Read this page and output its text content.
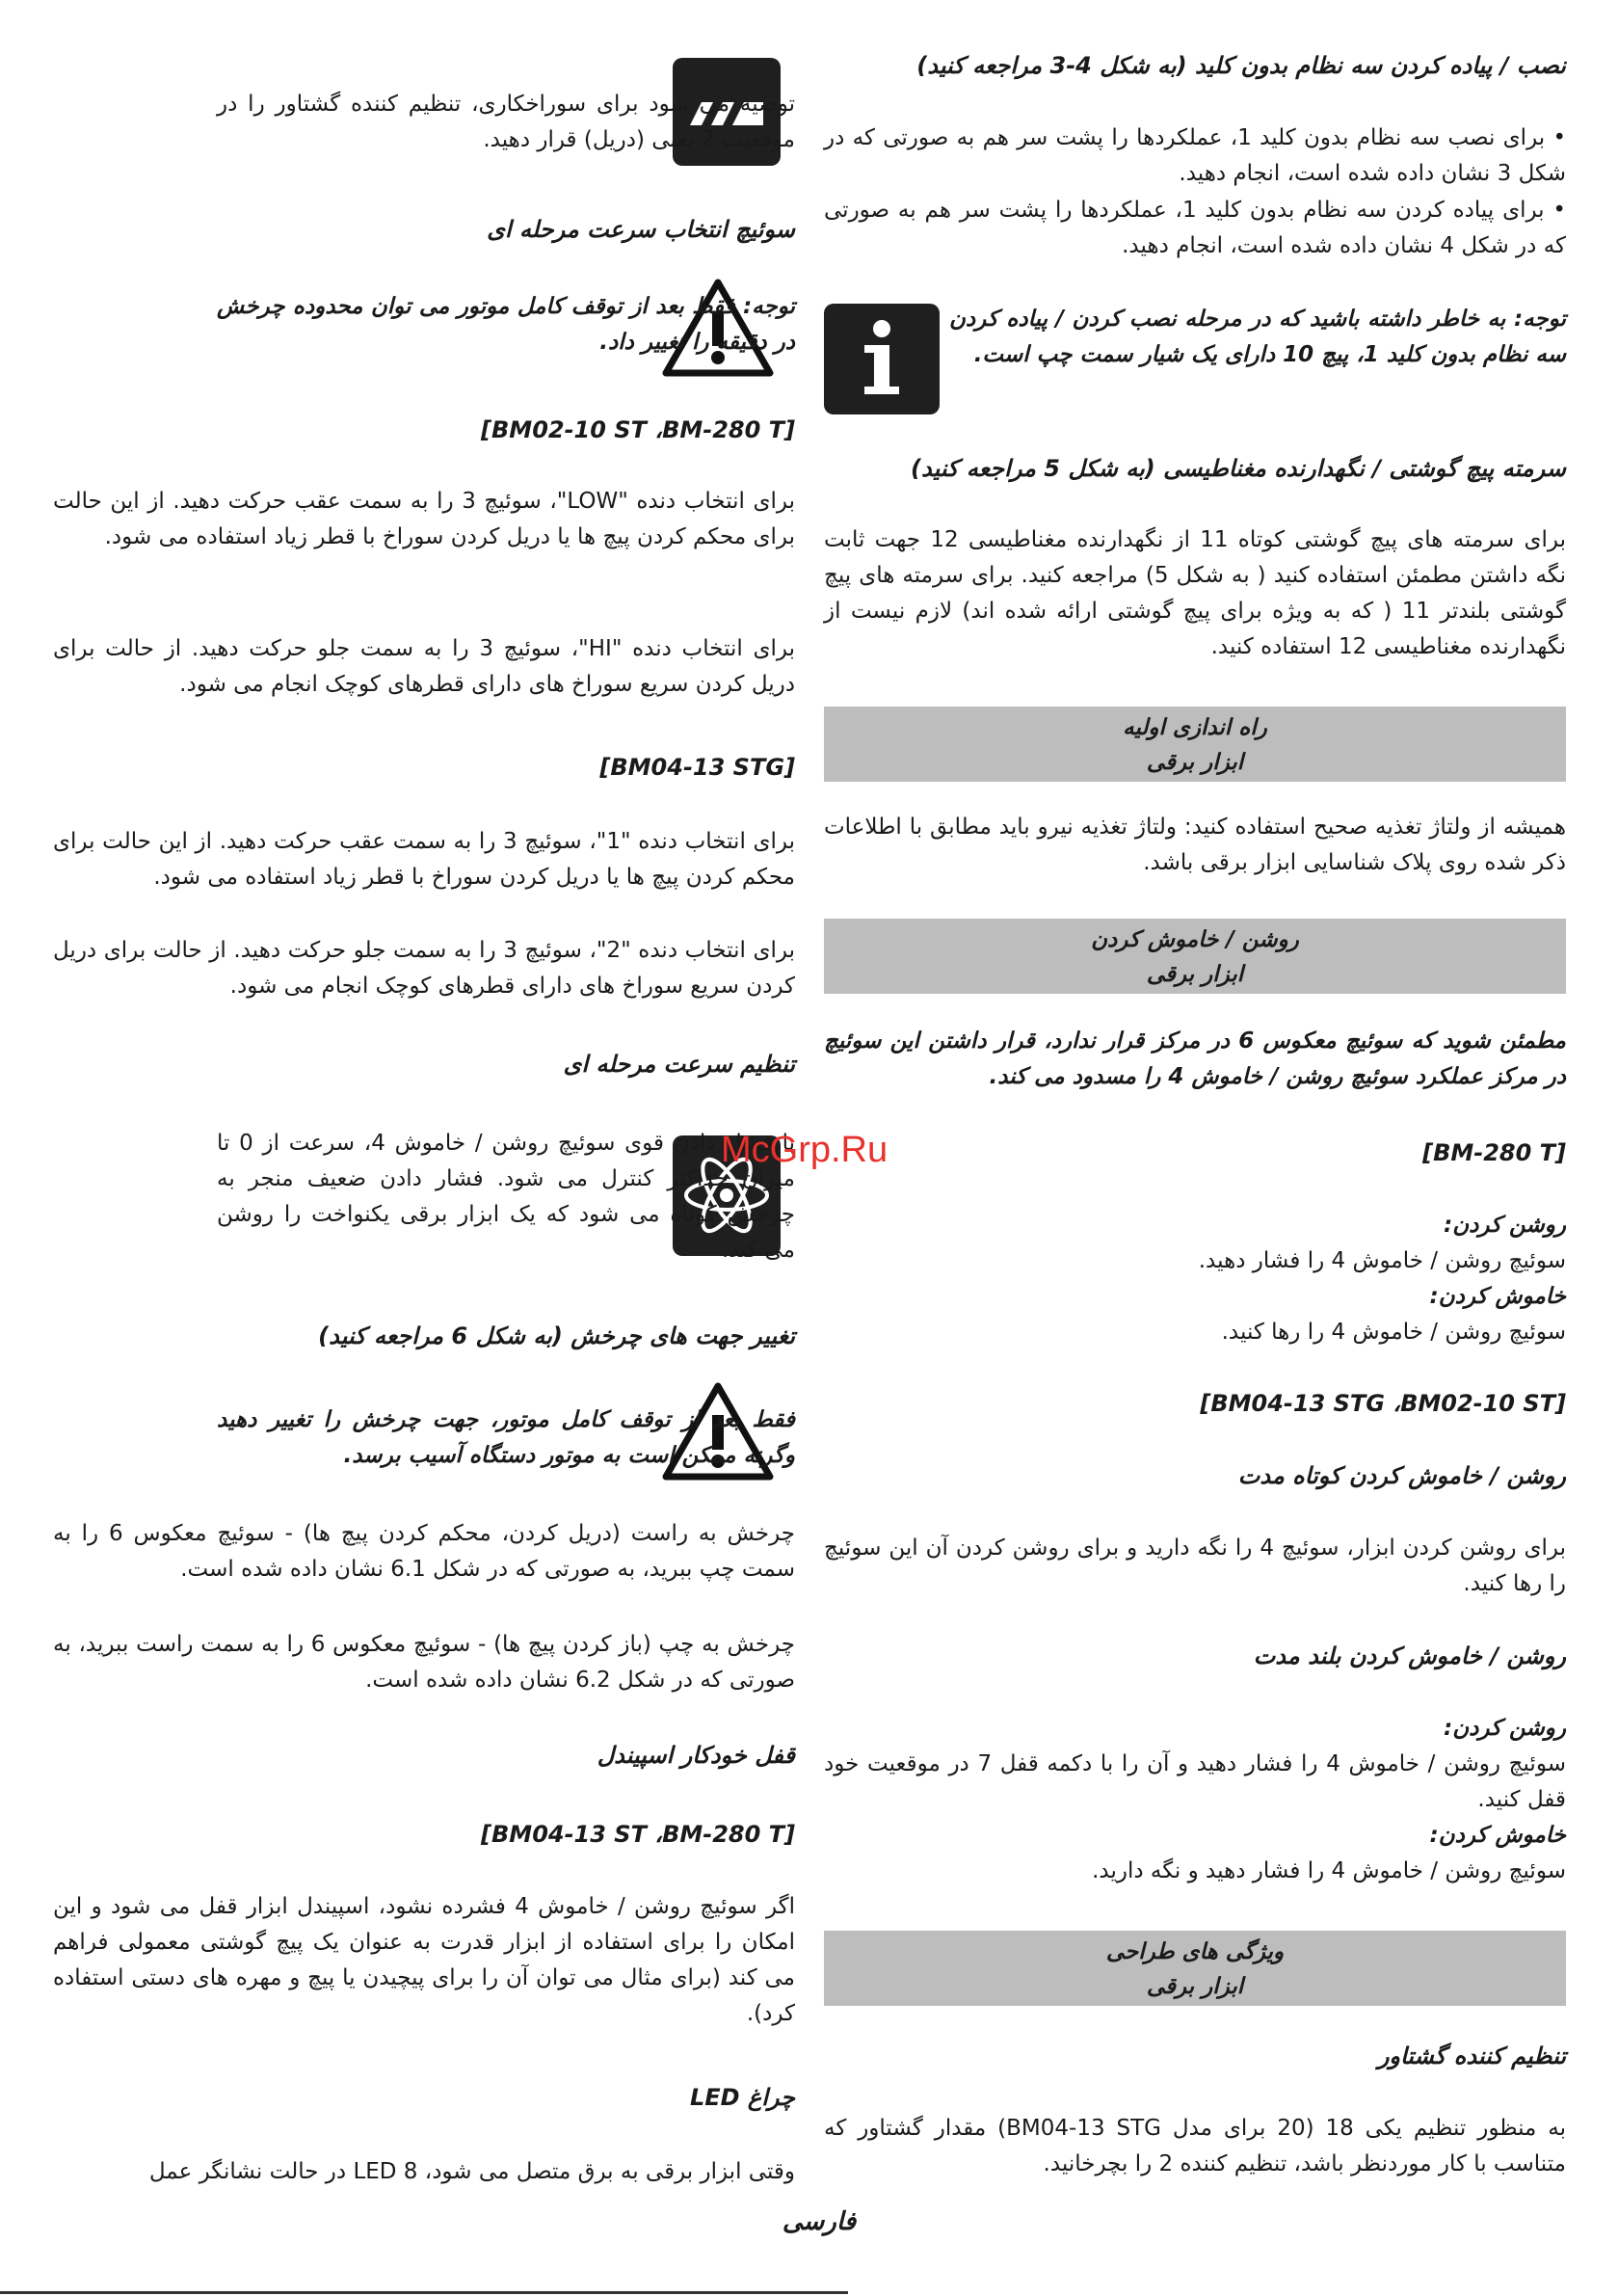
نصب / پیاده کردن سه نظام بدون کلید (به شکل 4-3 مراجعه کنید)
• برای نصب سه نظام بدون کلید 1، عملکردها را پشت سر هم به صورتی که در شکل 3 نشان داده شده است، انجام دهید.
• برای پیاده کردن سه نظام بدون کلید 1، عملکردها را پشت سر هم به صورتی که در شکل 4 نشان داده شده است، انجام دهید.
توجه: به خاطر داشته باشید که در مرحله نصب کردن / پیاده کردن سه نظام بدون کلید 1، پیچ 10 دارای یک شیار سمت چپ است.
سرمته پیچ گوشتی / نگهدارنده مغناطیسی (به شکل 5 مراجعه کنید)
برای سرمته های پیچ گوشتی کوتاه 11 از نگهدارنده مغناطیسی 12 جهت ثابت نگه داشتن مطمئن استفاده کنید ( به شکل 5) مراجعه کنید. برای سرمته های پیچ گوشتی بلندتر 11 ( که به ویژه برای پیچ گوشتی ارائه شده اند) لازم نیست از نگهدارنده مغناطیسی 12 استفاده کنید.
راه اندازی اولیه
ابزار برقی
همیشه از ولتاژ تغذیه صحیح استفاده کنید: ولتاژ تغذیه نیرو باید مطابق با اطلاعات ذکر شده روی پلاک شناسایی ابزار برقی باشد.
روشن / خاموش کردن
ابزار برقی
مطمئن شوید که سوئیچ معکوس 6 در مرکز قرار ندارد، قرار داشتن این سوئیچ در مرکز عملکرد سوئیچ روشن / خاموش 4 را مسدود می کند.
[BM-280 T]
روشن کردن:
سوئیچ روشن / خاموش 4 را فشار دهید.
خاموش کردن:
سوئیچ روشن / خاموش 4 را رها کنید.
[BM04-13 STG ،BM02-10 ST]
روشن / خاموش کردن کوتاه مدت
برای روشن کردن ابزار، سوئیچ 4 را نگه دارید و برای روشن کردن آن این سوئیچ را رها کنید.
روشن / خاموش کردن بلند مدت
روشن کردن:
سوئیچ روشن / خاموش 4 را فشار دهید و آن را با دکمه قفل 7 در موقعیت خود قفل کنید.
خاموش کردن:
سوئیچ روشن / خاموش 4 را فشار دهید و نگه دارید.
ویژگی های طراحی
ابزار برقی
تنظیم کننده گشتاور
به منظور تنظیم یکی 18 (20 برای مدل BM04-13 STG) مقدار گشتاور که متناسب با کار موردنظر باشد، تنظیم کننده 2 را بچرخانید.
توصیه می شود برای سوراخکاری، تنظیم کننده گشتاور را در موقعیت 2 یعنی (دریل) قرار دهید.
سوئیچ انتخاب سرعت مرحله ای
توجه: فقط بعد از توقف کامل موتور می توان محدوده چرخش در دقیقه را تغییر داد.
[BM02-10 ST ،BM-280 T]
برای انتخاب دنده "LOW"، سوئیچ 3 را به سمت عقب حرکت دهید. از این حالت برای محکم کردن پیچ ها یا دریل کردن سوراخ با قطر زیاد استفاده می شود.
برای انتخاب دنده "HI"، سوئیچ 3 را به سمت جلو حرکت دهید. از حالت برای دریل کردن سریع سوراخ های دارای قطرهای کوچک انجام می شود.
[BM04-13 STG]
برای انتخاب دنده "1"، سوئیچ 3 را به سمت عقب حرکت دهید. از این حالت برای محکم کردن پیچ ها یا دریل کردن سوراخ با قطر زیاد استفاده می شود.
برای انتخاب دنده "2"، سوئیچ 3 را به سمت جلو حرکت دهید. از حالت برای دریل کردن سریع سوراخ های دارای قطرهای کوچک انجام می شود.
تنظیم سرعت مرحله ای
با فشار دادن قوی سوئیچ روشن / خاموش 4، سرعت از 0 تا میزان حداکثر کنترل می شود. فشار دادن ضعیف منجر به چرخش کوتاه می شود که یک ابزار برقی یکنواخت را روشن می کند.
تغییر جهت های چرخش (به شکل 6 مراجعه کنید)
فقط بعد از توقف کامل موتور، جهت چرخش را تغییر دهید وگرنه ممکن است به موتور دستگاه آسیب برسد.
چرخش به راست (دریل کردن، محکم کردن پیچ ها) - سوئیچ معکوس 6 را به سمت چپ ببرید، به صورتی که در شکل 6.1 نشان داده شده است.
چرخش به چپ (باز کردن پیچ ها) - سوئیچ معکوس 6 را به سمت راست ببرید، به صورتی که در شکل 6.2 نشان داده شده است.
قفل خودکار اسپیندل
[BM04-13 ST ،BM-280 T]
اگر سوئیچ روشن / خاموش 4 فشرده نشود، اسپیندل ابزار قفل می شود و این امکان را برای استفاده از ابزار قدرت به عنوان یک پیچ گوشتی معمولی فراهم می کند (برای مثال می توان آن را برای پیچیدن یا پیچ و مهره های دستی استفاده کرد).
چراغ LED
وقتی ابزار برقی به برق متصل می شود، LED 8 در حالت نشانگر عمل
McGrp.Ru
فارسی
